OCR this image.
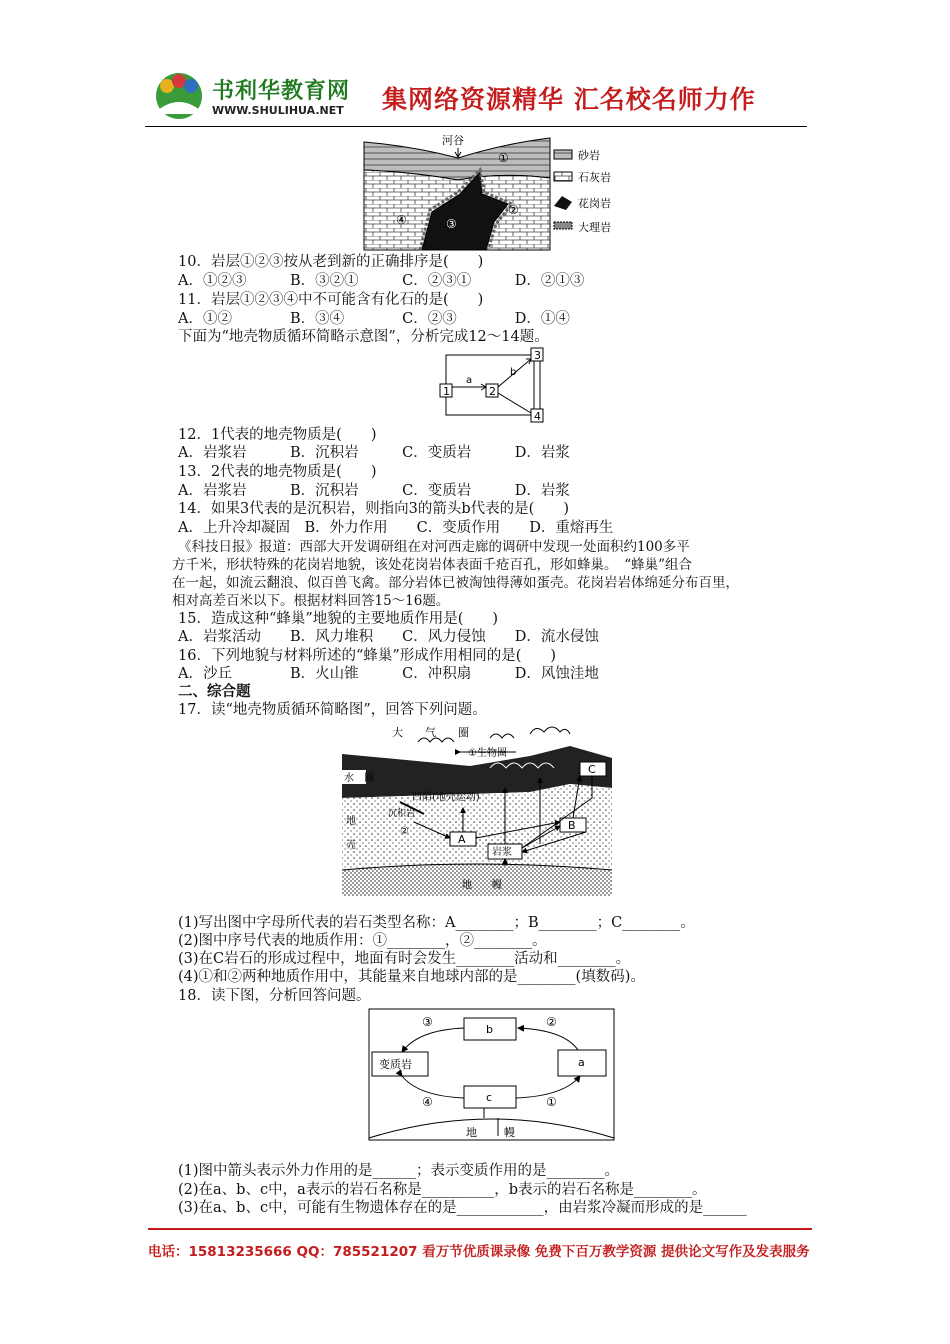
书利华教育网
WWW.SHULIHUA.NET 集网络资源精华 汇名校名师力作
河谷
①
②
③
④
砂岩
石灰岩
花岗岩
大理岩
10．岩层①②③按从老到新的正确排序是(　　)
A．①②③　　　B．③②①　　　C．②③①　　　D．②①③
11．岩层①②③④中不可能含有化石的是(　　)
A．①②　　　　B．③④　　　　C．②③　　　　D．①④
下面为“地壳物质循环简略示意图”，分析完成12～14题。
1	2
3
4
a
b
12．1代表的地壳物质是(　　)
A．岩浆岩　　　B．沉积岩　　　C．变质岩　　　D．岩浆
13．2代表的地壳物质是(　　)
A．岩浆岩　　　B．沉积岩　　　C．变质岩　　　D．岩浆
14．如果3代表的是沉积岩，则指向3的箭头b代表的是(　　)
A．上升冷却凝固　B．外力作用　　C．变质作用　　D．重熔再生
《科技日报》报道：西部大开发调研组在对河西走廊的调研中发现一处面积约100多平
方千米，形状特殊的花岗岩地貌，该处花岗岩体表面千疮百孔，形如蜂巢。　“蜂巢”组合
在一起，如流云翻浪、似百兽飞禽。部分岩体已被淘蚀得薄如蛋壳。花岗岩岩体绵延分布百里，
相对高差百米以下。根据材料回答15～16题。
15．造成这种“蜂巢”地貌的主要地质作用是(　　)
A．岩浆活动　　B．风力堆积　　C．风力侵蚀　　D．流水侵蚀
16．下列地貌与材料所述的“蜂巢”形成作用相同的是(　　)
A．沙丘　　　　B．火山锥　　　C．冲积扇　　　D．风蚀洼地
二、综合题
17．读“地壳物质循环简略图”，回答下列问题。
大　　气　　圈
①生物圈
水　圈
凹陷(地壳运动)
沉积岩
地
壳
②
A
B
C
岩浆
地　　幔
(1)写出图中字母所代表的岩石类型名称：A________；B________；C________。
(2)图中序号代表的地质作用：①________，②________。
(3)在C岩石的形成过程中，地面有时会发生________活动和________。
(4)①和②两种地质作用中，其能量来自地球内部的是________(填数码)。
18．读下图，分析回答问题。
b
a
变质岩
c
②
③
④	①
地 幔
(1)图中箭头表示外力作用的是______；表示变质作用的是________。
(2)在a、b、c中，a表示的岩石名称是__________，b表示的岩石名称是________。
(3)在a、b、c中，可能有生物遗体存在的是____________，由岩浆冷凝而形成的是______
电话：15813235666 QQ：785521207 看万节优质课录像 免费下百万教学资源 提供论文写作及发表服务
